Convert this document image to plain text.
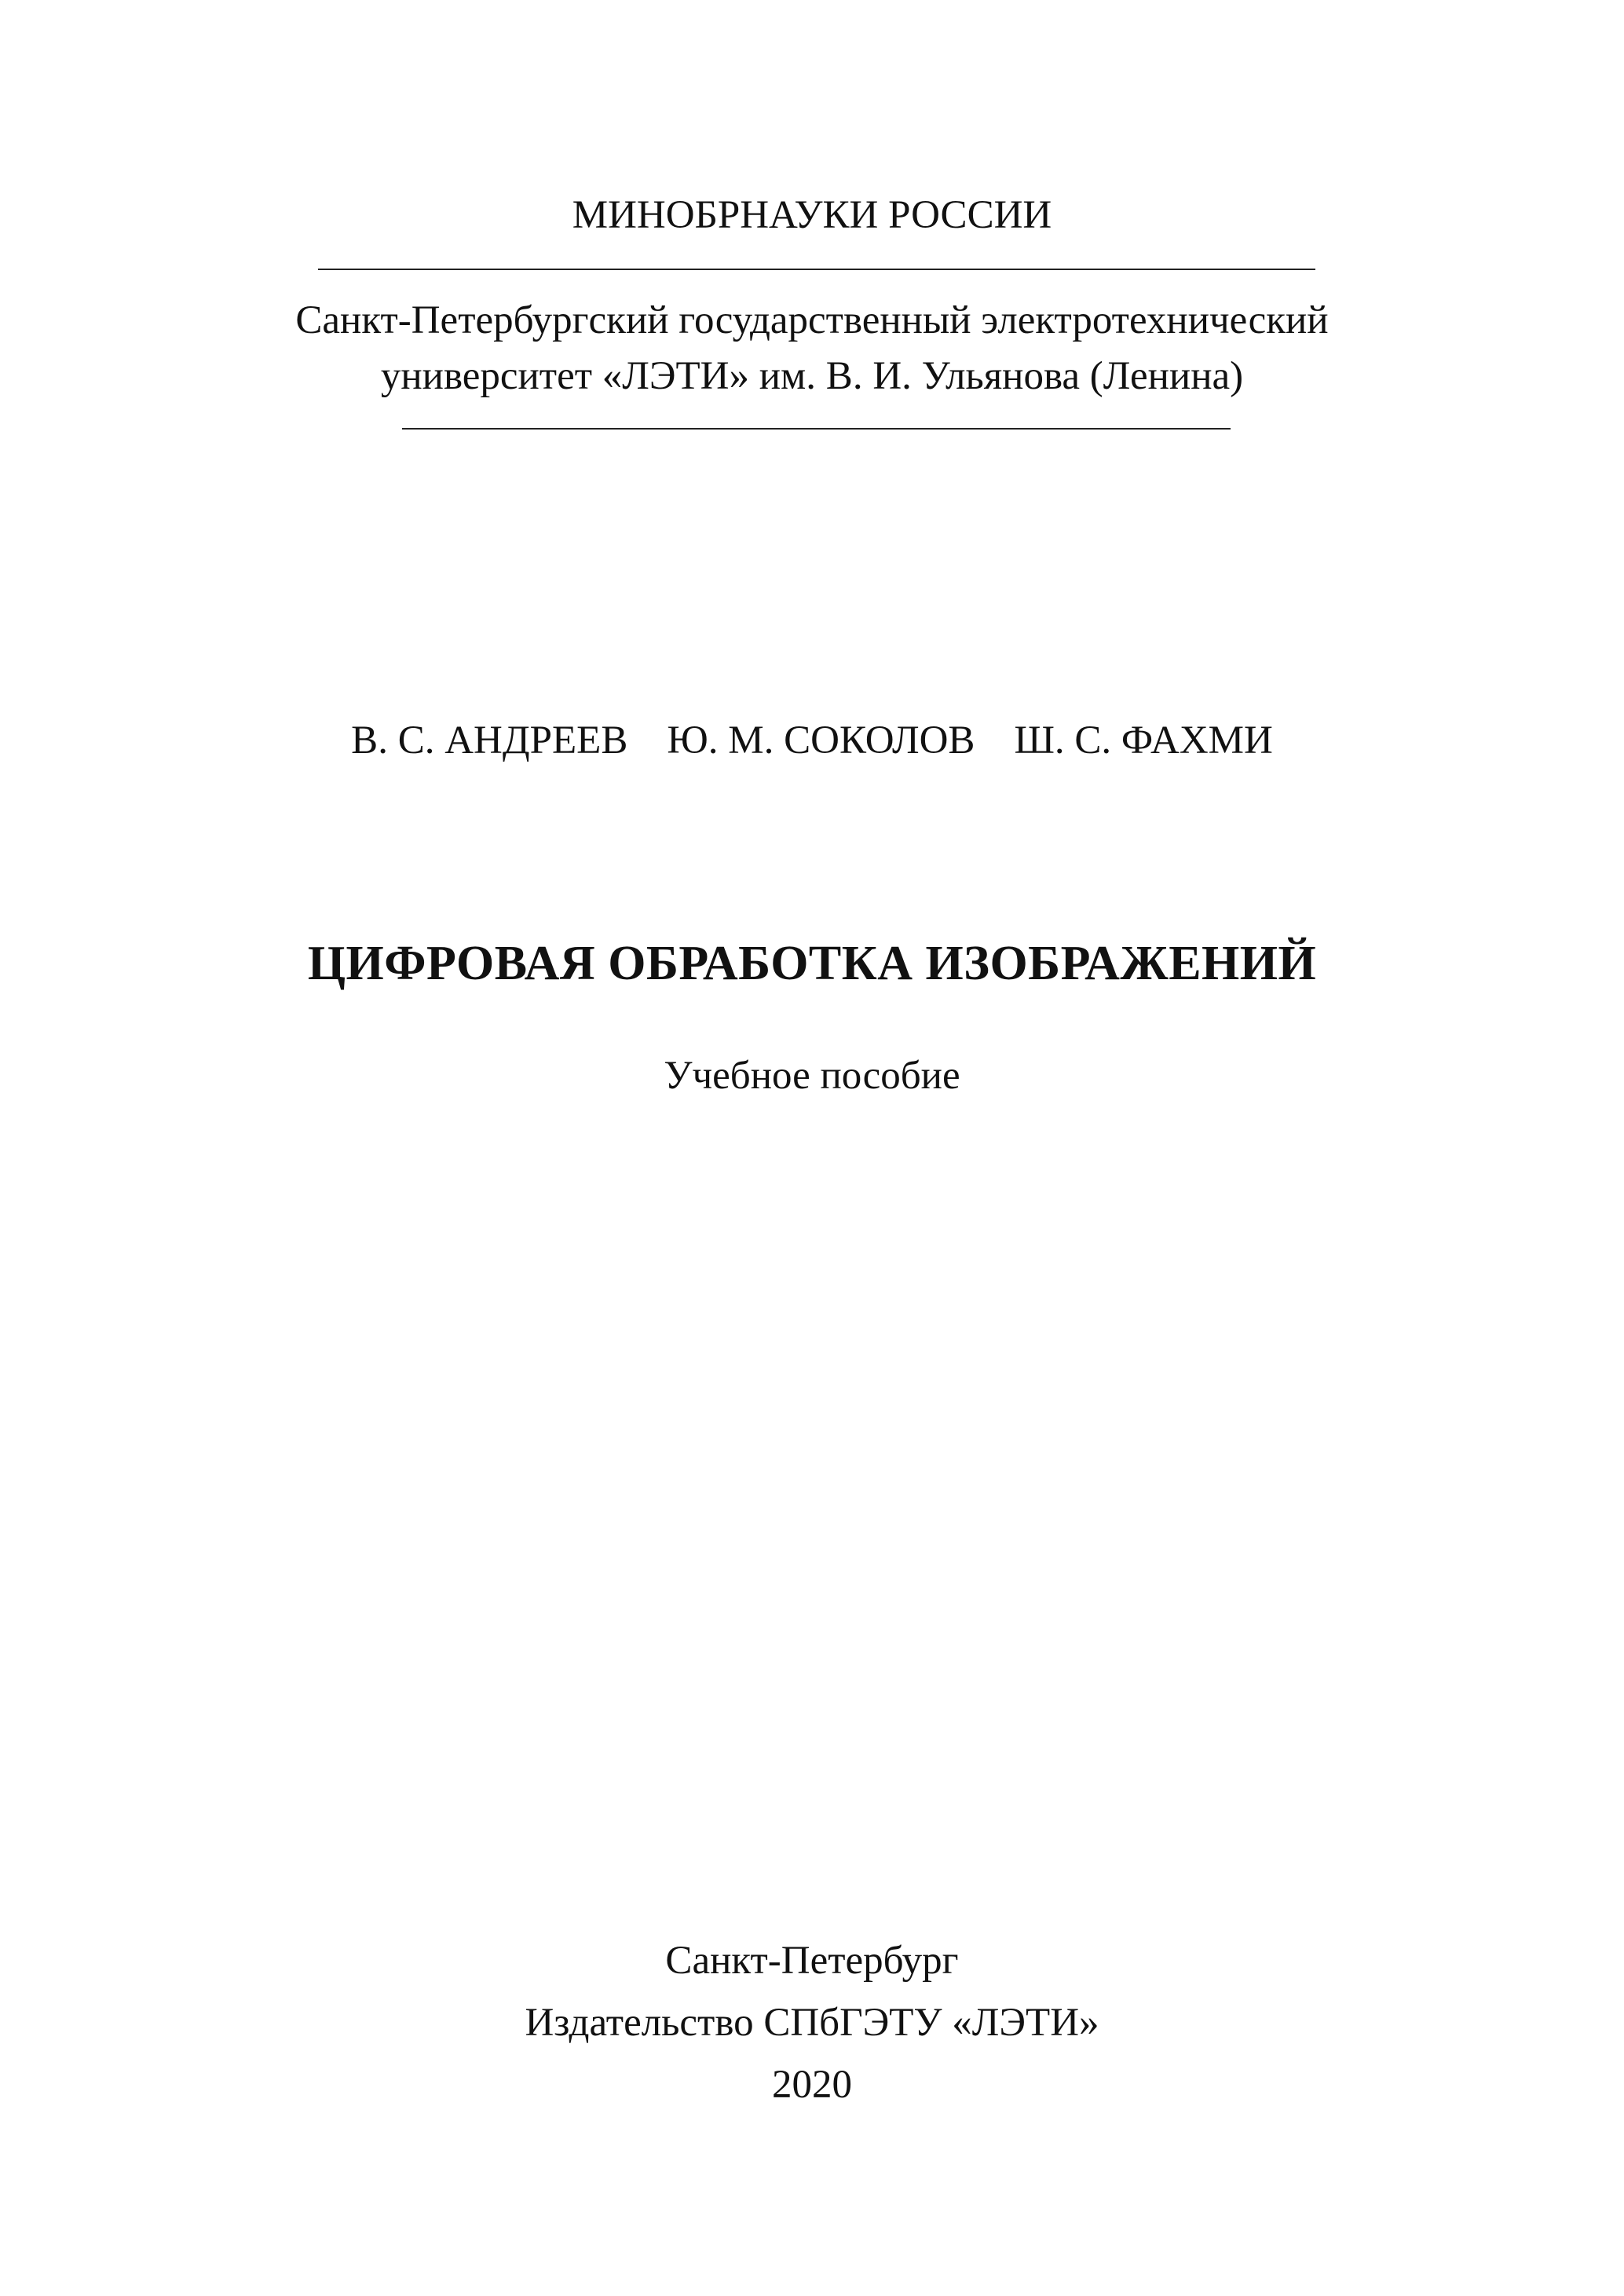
МИНОБРНАУКИ РОССИИ
Санкт-Петербургский государственный электротехнический
университет «ЛЭТИ» им. В. И. Ульянова (Ленина)
В. С. АНДРЕЕВ Ю. М. СОКОЛОВ Ш. С. ФАХМИ
ЦИФРОВАЯ ОБРАБОТКА ИЗОБРАЖЕНИЙ
Учебное пособие
Санкт-Петербург
Издательство СПбГЭТУ «ЛЭТИ»
2020
